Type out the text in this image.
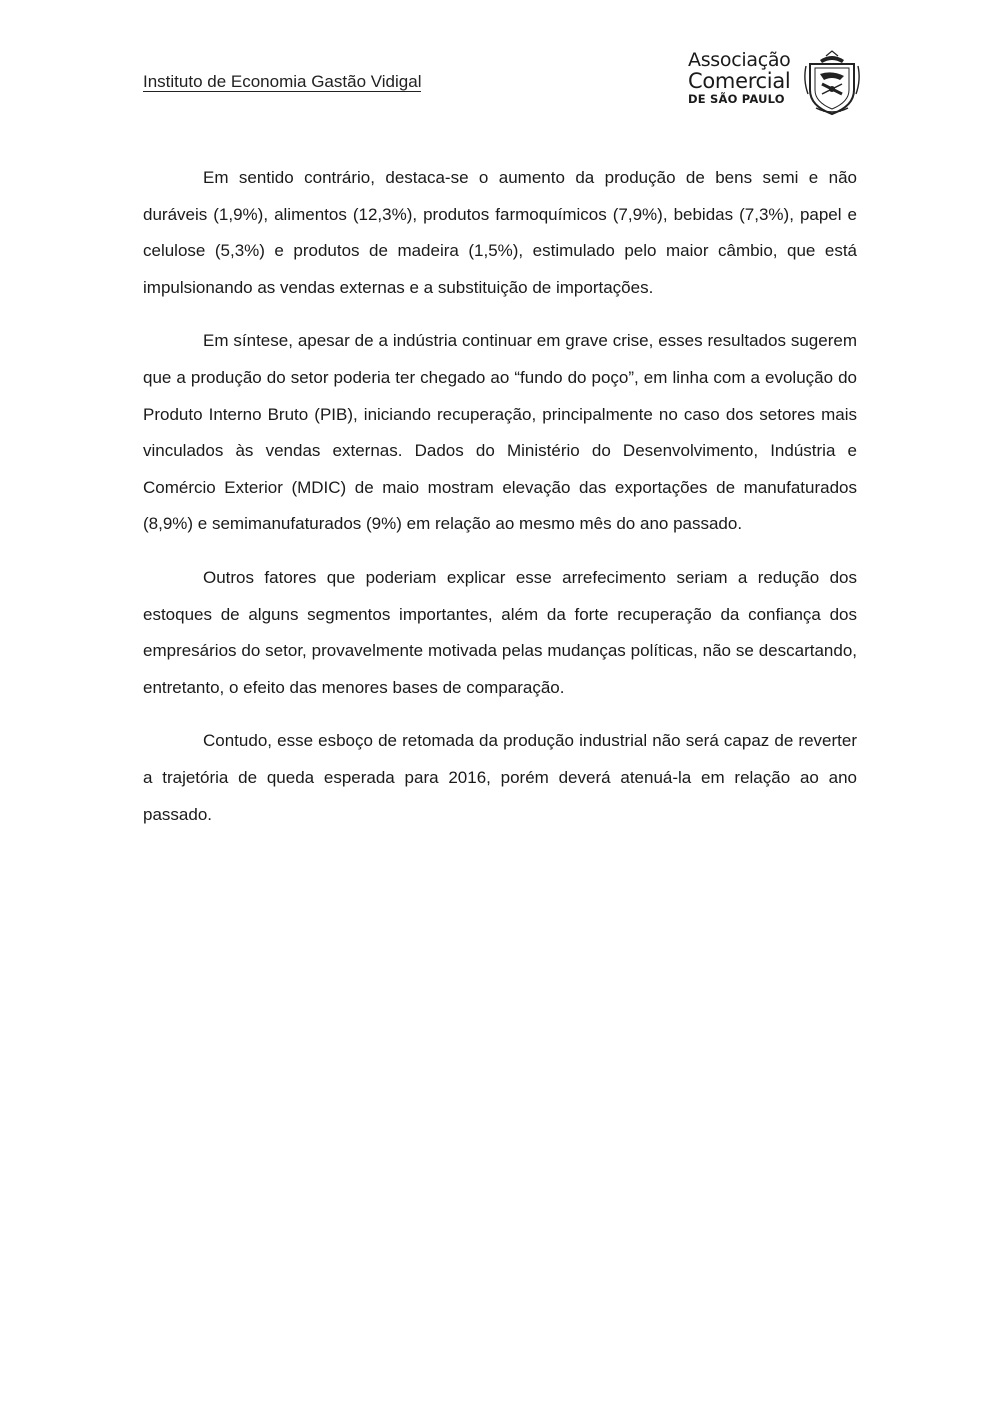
Instituto de Economia Gastão Vidigal
Associação
Comercial
DE SÃO PAULO

Em sentido contrário, destaca-se o aumento da produção de bens semi e não duráveis (1,9%), alimentos (12,3%), produtos farmoquímicos (7,9%), bebidas (7,3%), papel e celulose (5,3%) e produtos de madeira (1,5%), estimulado pelo maior câmbio, que está impulsionando as vendas externas e a substituição de importações.

Em síntese, apesar de a indústria continuar em grave crise, esses resultados sugerem que a produção do setor poderia ter chegado ao “fundo do poço”, em linha com a evolução do Produto Interno Bruto (PIB), iniciando recuperação, principalmente no caso dos setores mais vinculados às vendas externas. Dados do Ministério do Desenvolvimento, Indústria e Comércio Exterior (MDIC) de maio mostram elevação das exportações de manufaturados (8,9%) e semimanufaturados (9%) em relação ao mesmo mês do ano passado.

Outros fatores que poderiam explicar esse arrefecimento seriam a redução dos estoques de alguns segmentos importantes, além da forte recuperação da confiança dos empresários do setor, provavelmente motivada pelas mudanças políticas, não se descartando, entretanto, o efeito das menores bases de comparação.

Contudo, esse esboço de retomada da produção industrial não será capaz de reverter a trajetória de queda esperada para 2016, porém deverá atenuá-la em relação ao ano passado.
